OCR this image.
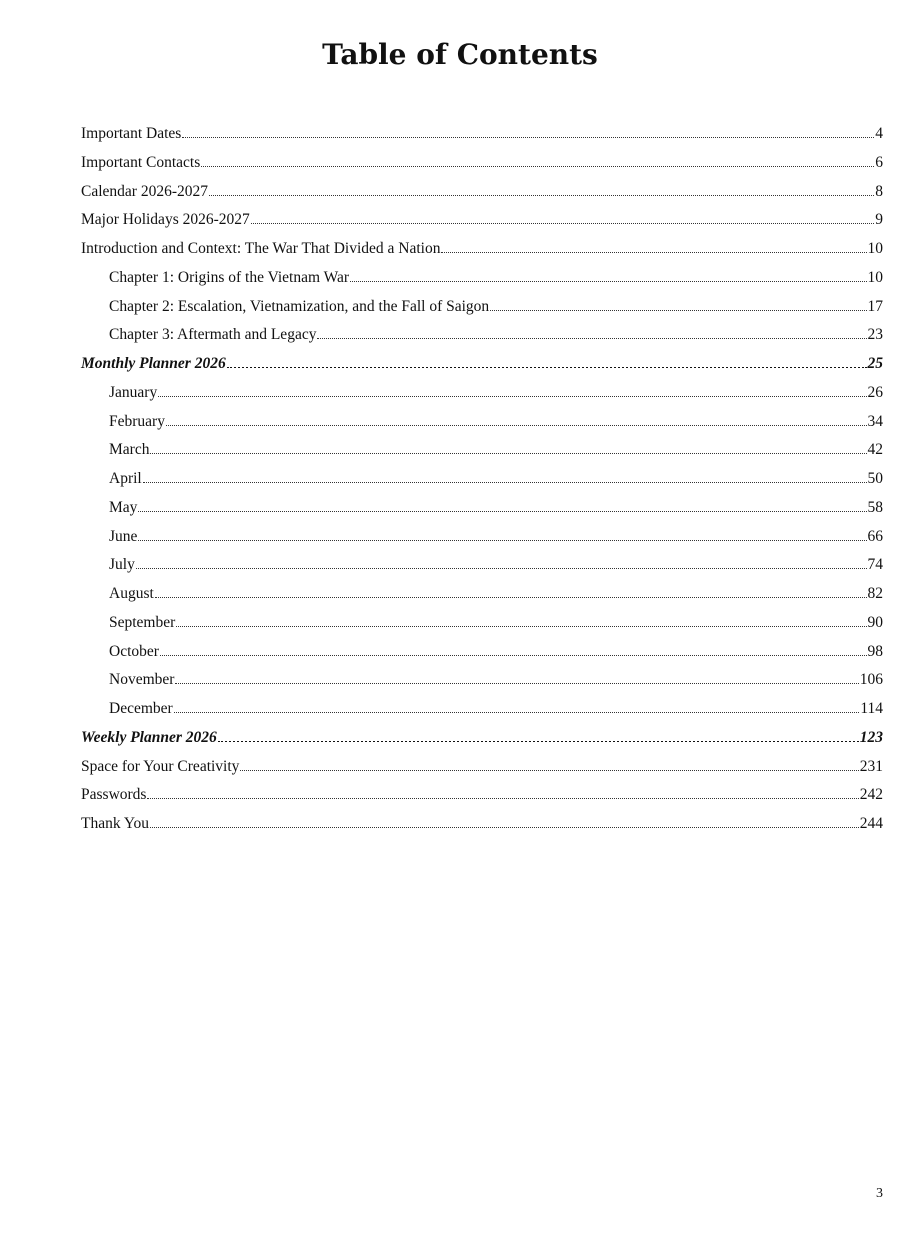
Table of Contents
Important Dates	4
Important Contacts	6
Calendar 2026-2027	8
Major Holidays 2026-2027	9
Introduction and Context: The War That Divided a Nation	10
Chapter 1: Origins of the Vietnam War	10
Chapter 2: Escalation, Vietnamization, and the Fall of Saigon	17
Chapter 3: Aftermath and Legacy	23
Monthly Planner 2026	25
January	26
February	34
March	42
April	50
May	58
June	66
July	74
August	82
September	90
October	98
November	106
December	114
Weekly Planner 2026	123
Space for Your Creativity	231
Passwords	242
Thank You	244
3
